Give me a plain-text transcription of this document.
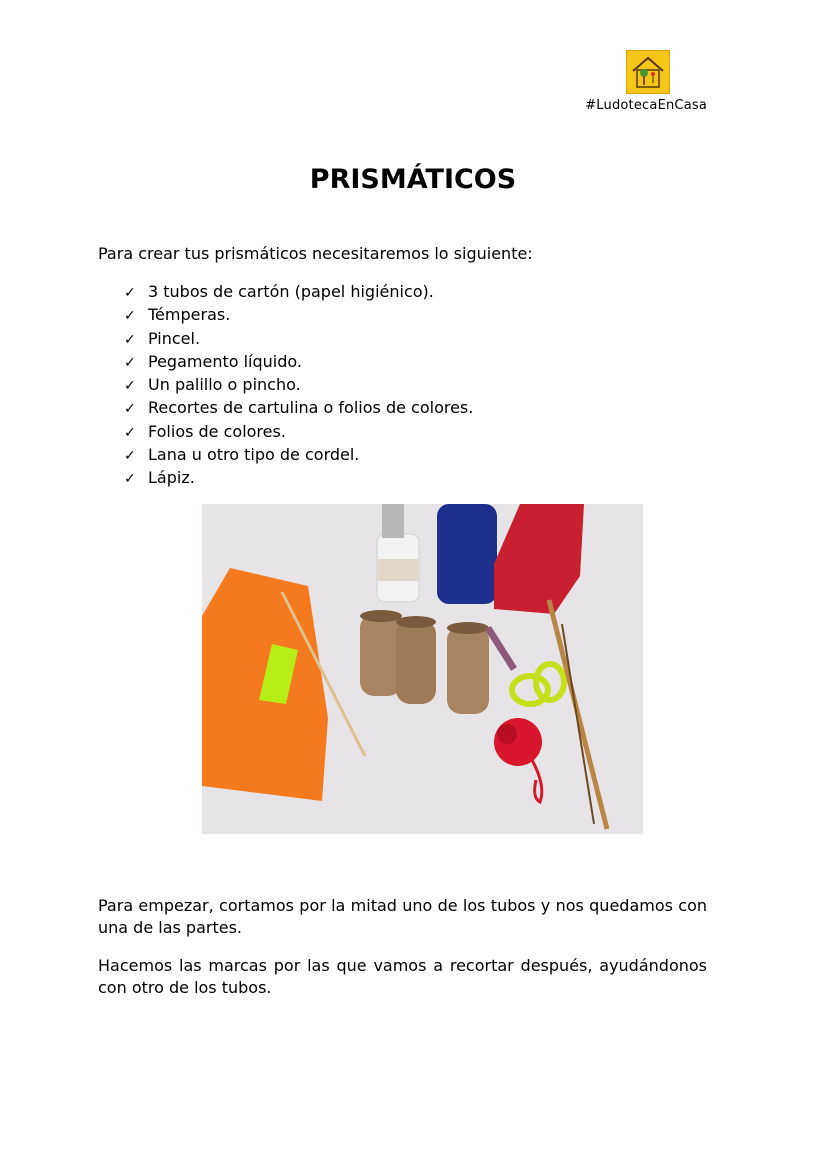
#LudotecaEnCasa
PRISMÁTICOS

Para crear tus prismáticos necesitaremos lo siguiente:

✓ 3 tubos de cartón (papel higiénico).
✓ Témperas.
✓ Pincel.
✓ Pegamento líquido.
✓ Un palillo o pincho.
✓ Recortes de cartulina o folios de colores.
✓ Folios de colores.
✓ Lana u otro tipo de cordel.
✓ Lápiz.

Para empezar, cortamos por la mitad uno de los tubos y nos quedamos con una de las partes.

Hacemos las marcas por las que vamos a recortar después, ayudándonos con otro de los tubos.
